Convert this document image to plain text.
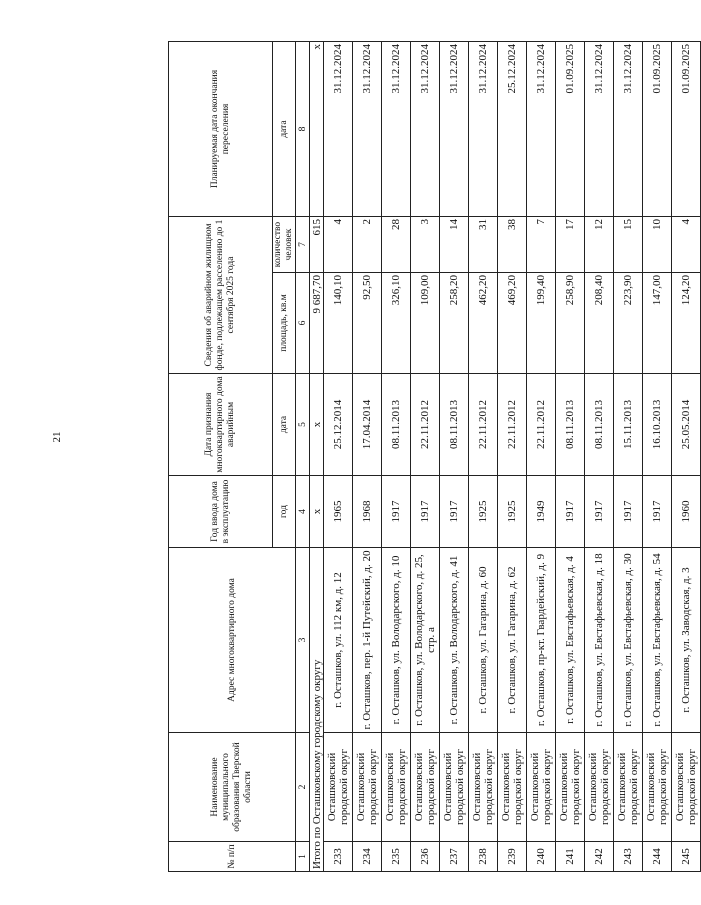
21
№ п/п	Наименование муниципального образования Тверской области	Адрес многоквартирного дома	Год ввода дома в эксплуатацию	Дата признания многоквартирного дома аварийным	Сведения об аварийном жилищном фонде, подлежащем расселению до 1 сентября 2025 года		Планируемая дата окончания переселения
			год	дата	площадь, кв.м	количество человек	дата
1	2	3	4	5	6	7	8
Итого по Осташковскому городскому округу			x	x	9 687,70	615	x
233	Осташковский городской округ	г. Осташков, ул. 112 км, д. 12	1965	25.12.2014	140,10	4	31.12.2024
234	Осташковский городской округ	г. Осташков, пер. 1-й Путейский, д. 20	1968	17.04.2014	92,50	2	31.12.2024
235	Осташковский городской округ	г. Осташков, ул. Володарского, д. 10	1917	08.11.2013	326,10	28	31.12.2024
236	Осташковский городской округ	г. Осташков, ул. Володарского, д. 25, стр. а	1917	22.11.2012	109,00	3	31.12.2024
237	Осташковский городской округ	г. Осташков, ул. Володарского, д. 41	1917	08.11.2013	258,20	14	31.12.2024
238	Осташковский городской округ	г. Осташков, ул. Гагарина, д. 60	1925	22.11.2012	462,20	31	31.12.2024
239	Осташковский городской округ	г. Осташков, ул. Гагарина, д. 62	1925	22.11.2012	469,20	38	25.12.2024
240	Осташковский городской округ	г. Осташков, пр-кт. Гвардейский, д. 9	1949	22.11.2012	199,40	7	31.12.2024
241	Осташковский городской округ	г. Осташков, ул. Евстафьевская, д. 4	1917	08.11.2013	258,90	17	01.09.2025
242	Осташковский городской округ	г. Осташков, ул. Евстафьевская, д. 18	1917	08.11.2013	208,40	12	31.12.2024
243	Осташковский городской округ	г. Осташков, ул. Евстафьевская, д. 30	1917	15.11.2013	223,90	15	31.12.2024
244	Осташковский городской округ	г. Осташков, ул. Евстафьевская, д. 54	1917	16.10.2013	147,00	10	01.09.2025
245	Осташковский городской округ	г. Осташков, ул. Заводская, д. 3	1960	25.05.2014	124,20	4	01.09.2025
